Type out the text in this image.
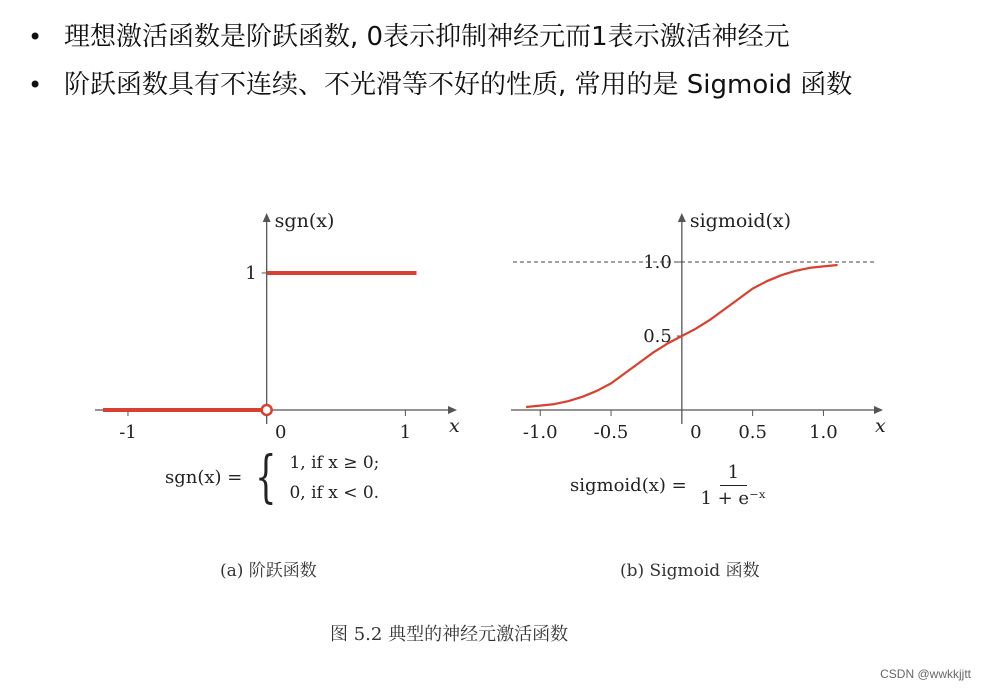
• 理想激活函数是阶跃函数, 0表示抑制神经元而1表示激活神经元
• 阶跃函数具有不连续、不光滑等不好的性质, 常用的是 Sigmoid 函数
x
sgn(x)
-1	0	1
1
x
sigmoid(x)
-1.0 -0.5	0 0.5 1.0
0.5
1.0
sgn(x) = { 1, if x ≥ 0;
0, if x < 0.	sigmoid(x) = $\frac{1}{\text{1 + e⁻ˣ}}$
(a) 阶跃函数	(b) Sigmoid 函数
图 5.2 典型的神经元激活函数
CSDN @wwkkjjtt
